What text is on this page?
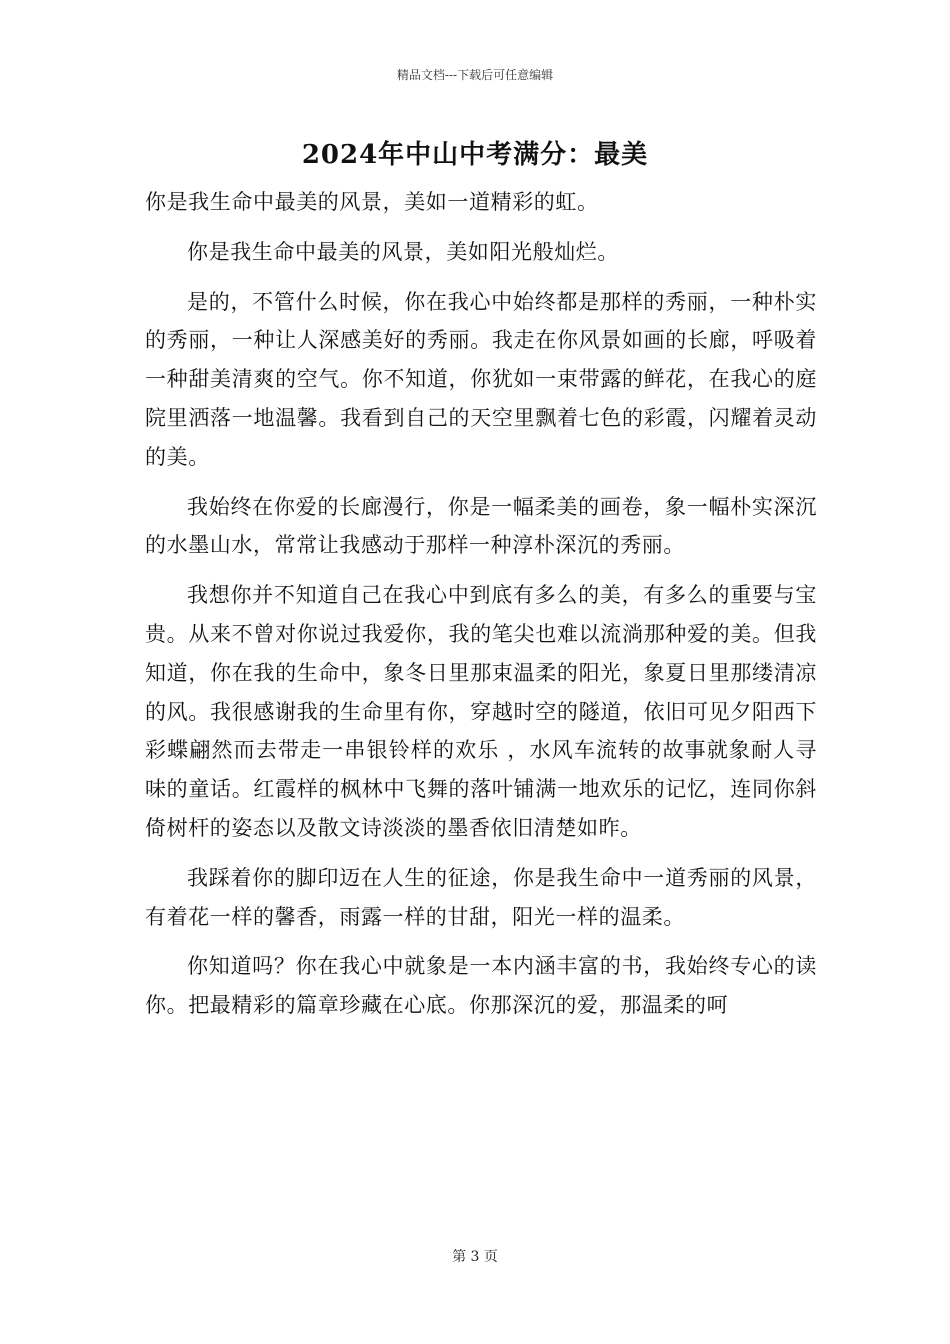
精品文档---下载后可任意编辑
2024年中山中考满分：最美

你是我生命中最美的风景，美如一道精彩的虹。

你是我生命中最美的风景，美如阳光般灿烂。

是的，不管什么时候，你在我心中始终都是那样的秀丽，一种朴实的秀丽，一种让人深感美好的秀丽。我走在你风景如画的长廊，呼吸着一种甜美清爽的空气。你不知道，你犹如一束带露的鲜花，在我心的庭院里洒落一地温馨。我看到自己的天空里飘着七色的彩霞，闪耀着灵动的美。

我始终在你爱的长廊漫行，你是一幅柔美的画卷，象一幅朴实深沉的水墨山水，常常让我感动于那样一种淳朴深沉的秀丽。

我想你并不知道自己在我心中到底有多么的美，有多么的重要与宝贵。从来不曾对你说过我爱你，我的笔尖也难以流淌那种爱的美。但我知道，你在我的生命中，象冬日里那束温柔的阳光，象夏日里那缕清凉的风。我很感谢我的生命里有你，穿越时空的隧道，依旧可见夕阳西下彩蝶翩然而去带走一串银铃样的欢乐 ，水风车流转的故事就象耐人寻味的童话。红霞样的枫林中飞舞的落叶铺满一地欢乐的记忆，连同你斜倚树杆的姿态以及散文诗淡淡的墨香依旧清楚如昨。

我踩着你的脚印迈在人生的征途，你是我生命中一道秀丽的风景，有着花一样的馨香，雨露一样的甘甜，阳光一样的温柔。

你知道吗？你在我心中就象是一本内涵丰富的书，我始终专心的读你。把最精彩的篇章珍藏在心底。你那深沉的爱，那温柔的呵

第 3 页
